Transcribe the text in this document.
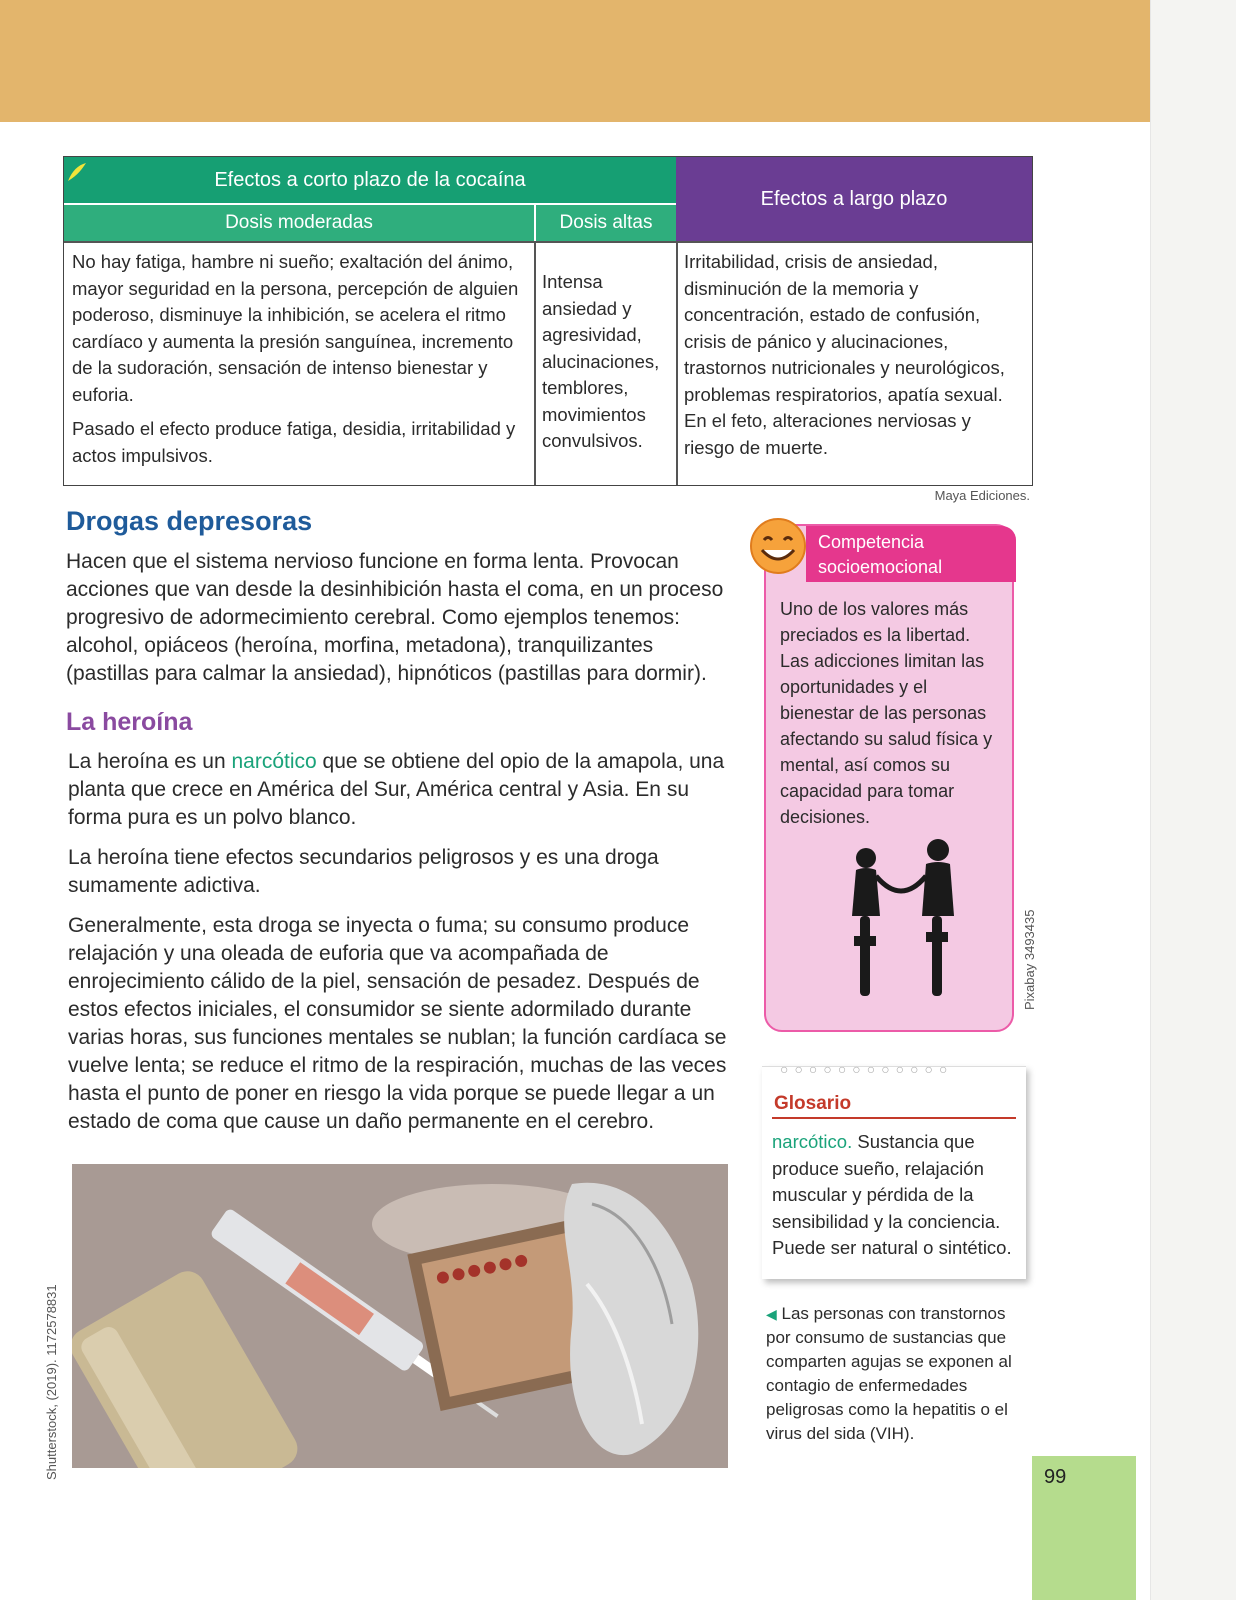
Efectos a corto plazo de la cocaína
Efectos a largo plazo
Dosis moderadas	Dosis altas

No hay fatiga, hambre ni sueño; exaltación del ánimo, mayor seguridad en la persona, percepción de alguien poderoso, disminuye la inhibición, se acelera el ritmo cardíaco y aumenta la presión sanguínea, incremento de la sudoración, sensación de intenso bienestar y euforia.

Pasado el efecto produce fatiga, desidia, irritabilidad y actos impulsivos.

Intensa ansiedad y agresividad, alucinaciones, temblores, movimientos convulsivos.
Irritabilidad, crisis de ansiedad, disminución de la memoria y concentración, estado de confusión, crisis de pánico y alucinaciones, trastornos nutricionales y neurológicos, problemas respiratorios, apatía sexual. En el feto, alteraciones nerviosas y riesgo de muerte.
Maya Ediciones.
Drogas depresoras

Hacen que el sistema nervioso funcione en forma lenta. Provocan acciones que van desde la desinhibición hasta el coma, en un proceso progresivo de adormecimiento cerebral. Como ejemplos tenemos: alcohol, opiáceos (heroína, morfina, metadona), tranquilizantes (pastillas para calmar la ansiedad), hipnóticos (pastillas para dormir).

La heroína

La heroína es un narcótico que se obtiene del opio de la amapola, una planta que crece en América del Sur, América central y Asia. En su forma pura es un polvo blanco.

La heroína tiene efectos secundarios peligrosos y es una droga sumamente adictiva.

Generalmente, esta droga se inyecta o fuma; su consumo produce relajación y una oleada de euforia que va acompañada de enrojecimiento cálido de la piel, sensación de pesadez. Después de estos efectos iniciales, el consumidor se siente adormilado durante varias horas, sus funciones mentales se nublan; la función cardíaca se vuelve lenta; se reduce el ritmo de la respiración, muchas de las veces hasta el punto de poner en riesgo la vida porque se puede llegar a un estado de coma que cause un daño permanente en el cerebro.

Shutterstock, (2019). 1172578831
Competencia
socioemocional

Uno de los valores más preciados es la libertad. Las adicciones limitan las oportunidades y el bienestar de las personas afectando su salud física y mental, así comos su capacidad para tomar decisiones.

Pixabay 3493435
○○○○○○○○○○○○
Glosario

narcótico. Sustancia que produce sueño, relajación muscular y pérdida de la sensibilidad y la conciencia. Puede ser natural o sintético.

◀ Las personas con transtornos por consumo de sustancias que comparten agujas se exponen al contagio de enfermedades peligrosas como la hepatitis o el virus del sida (VIH).

99
